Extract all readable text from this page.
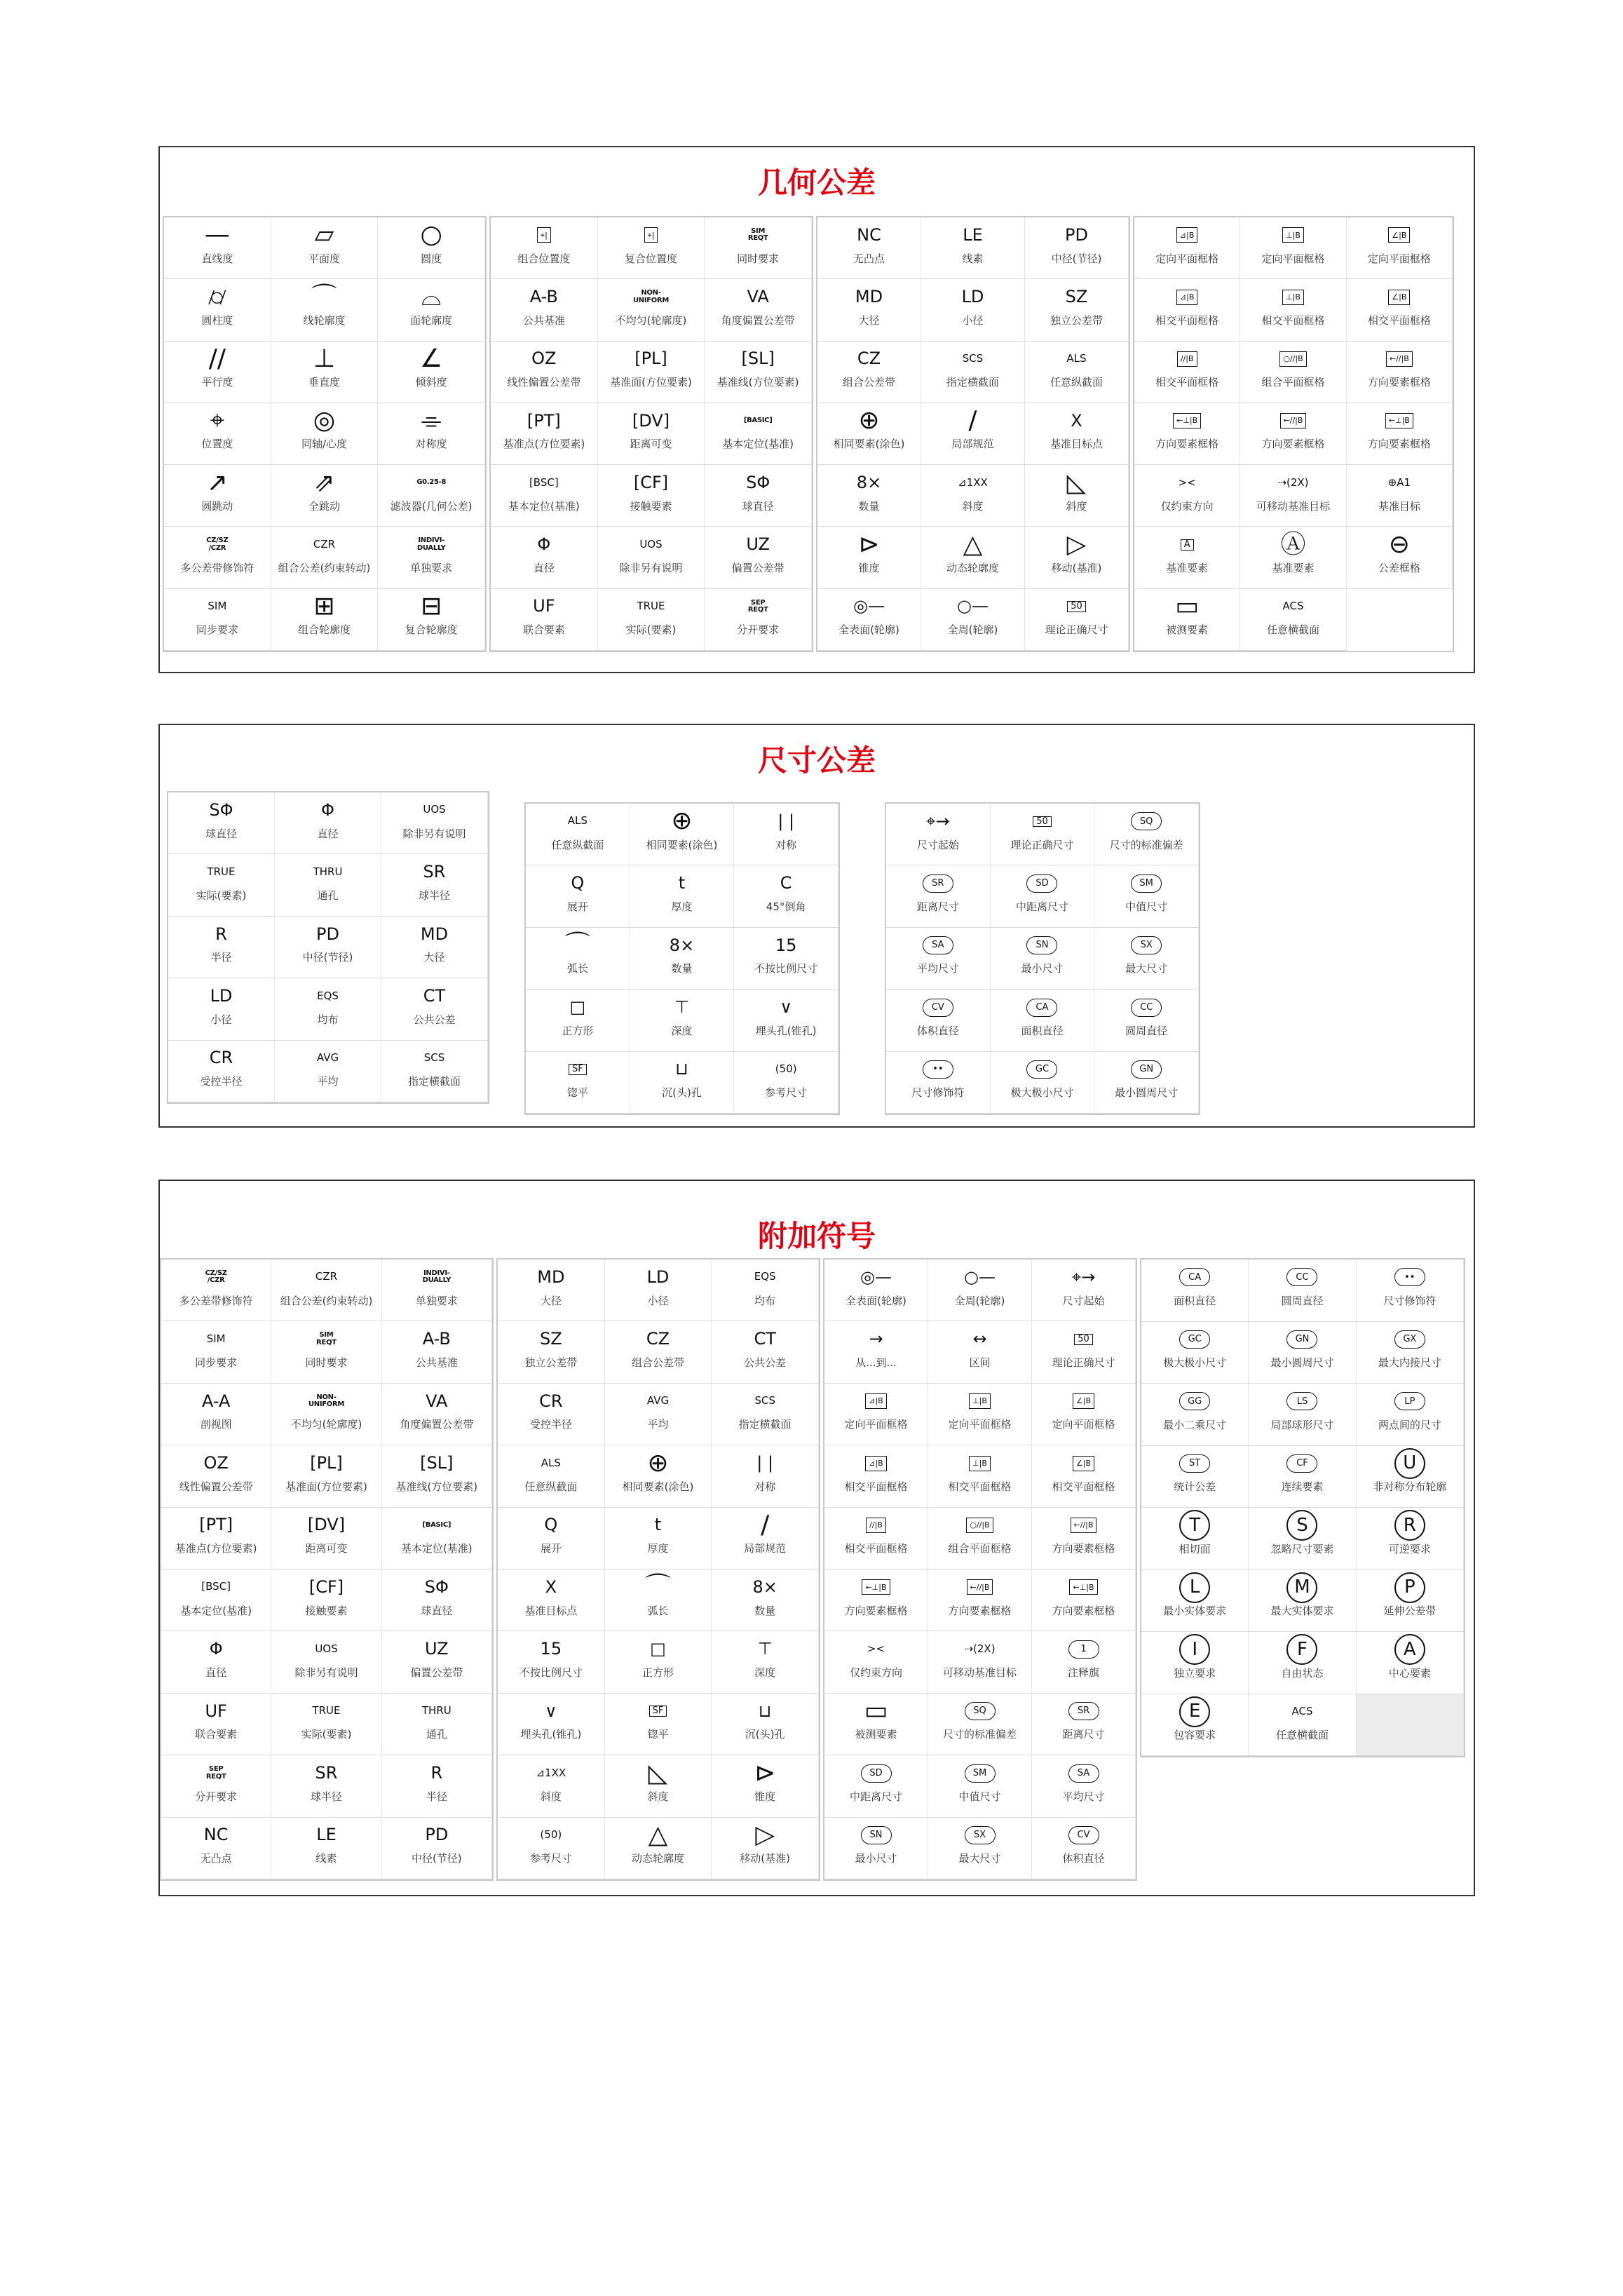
几何公差
—
直线度
▱
平面度
○
圆度
⌭
圆柱度
⌒
线轮廓度
⌓
面轮廓度
//
平行度
⊥
垂直度
∠
倾斜度
⌖
位置度
◎
同轴/心度
⌯
对称度
↗
圆跳动
⇗
全跳动
G0.25-8
滤波器(几何公差)
CZ/SZ
/CZR
多公差带修饰符
CZR
组合公差(约束转动)
INDIVI-
DUALLY
单独要求
SIM
同步要求
⊞
组合轮廓度
⊟
复合轮廓度
⌖|
组合位置度
⌖|
复合位置度
SIM
REQT
同时要求
A-B
公共基准
NON-
UNIFORM
不均匀(轮廓度)
VA
角度偏置公差带
OZ
线性偏置公差带
[PL]
基准面(方位要素)
[SL]
基准线(方位要素)
[PT]
基准点(方位要素)
[DV]
距离可变
[BASIC]
基本定位(基准)
[BSC]
基本定位(基准)
[CF]
接触要素
SΦ
球直径
Φ
直径
UOS
除非另有说明
UZ
偏置公差带
UF
联合要素
TRUE
实际(要素)
SEP
REQT
分开要求
NC
无凸点
LE
线素
PD
中径(节径)
MD
大径
LD
小径
SZ
独立公差带
CZ
组合公差带
SCS
指定横截面
ALS
任意纵截面
⊕
相同要素(涂色)
/
局部规范
X
基准目标点
8×
数量
⊿1XX
斜度
◺
斜度
⊳
锥度
△
动态轮廓度
▷
移动(基准)
◎—
全表面(轮廓)
○—
全周(轮廓)
50
理论正确尺寸
⊿|B
定向平面框格
⊥|B
定向平面框格
∠|B
定向平面框格
⊿|B
相交平面框格
⊥|B
相交平面框格
∠|B
相交平面框格
//|B
相交平面框格
○//|B
组合平面框格
←//|B
方向要素框格
←⊥|B
方向要素框格
←//|B
方向要素框格
←⊥|B
方向要素框格
><
仅约束方向
⇢(2X)
可移动基准目标
⊕A1
基准目标
A
基准要素
Ⓐ
基准要素
⊖
公差框格
▭
被测要素
ACS
任意横截面
尺寸公差
SΦ
球直径
Φ
直径
UOS
除非另有说明
TRUE
实际(要素)
THRU
通孔
SR
球半径
R
半径
PD
中径(节径)
MD
大径
LD
小径
EQS
均布
CT
公共公差
CR
受控半径
AVG
平均
SCS
指定横截面
ALS
任意纵截面
⊕
相同要素(涂色)
| |
对称
Q
展开
t
厚度
C
45°倒角
⌒
弧长
8×
数量
15
不按比例尺寸
□
正方形
⊤
深度
∨
埋头孔(锥孔)
SF
锪平
⊔
沉(头)孔
(50)
参考尺寸
⌖→
尺寸起始
50
理论正确尺寸
SQ
尺寸的标准偏差
SR
距离尺寸
SD
中距离尺寸
SM
中值尺寸
SA
平均尺寸
SN
最小尺寸
SX
最大尺寸
CV
体积直径
CA
面积直径
CC
圆周直径
••
尺寸修饰符
GC
极大极小尺寸
GN
最小圆周尺寸
附加符号
CZ/SZ
/CZR
多公差带修饰符
CZR
组合公差(约束转动)
INDIVI-
DUALLY
单独要求
SIM
同步要求
SIM
REQT
同时要求
A-B
公共基准
A-A
剖视图
NON-
UNIFORM
不均匀(轮廓度)
VA
角度偏置公差带
OZ
线性偏置公差带
[PL]
基准面(方位要素)
[SL]
基准线(方位要素)
[PT]
基准点(方位要素)
[DV]
距离可变
[BASIC]
基本定位(基准)
[BSC]
基本定位(基准)
[CF]
接触要素
SΦ
球直径
Φ
直径
UOS
除非另有说明
UZ
偏置公差带
UF
联合要素
TRUE
实际(要素)
THRU
通孔
SEP
REQT
分开要求
SR
球半径
R
半径
NC
无凸点
LE
线素
PD
中径(节径)
MD
大径
LD
小径
EQS
均布
SZ
独立公差带
CZ
组合公差带
CT
公共公差
CR
受控半径
AVG
平均
SCS
指定横截面
ALS
任意纵截面
⊕
相同要素(涂色)
| |
对称
Q
展开
t
厚度
/
局部规范
X
基准目标点
⌒
弧长
8×
数量
15
不按比例尺寸
□
正方形
⊤
深度
∨
埋头孔(锥孔)
SF
锪平
⊔
沉(头)孔
⊿1XX
斜度
◺
斜度
⊳
锥度
(50)
参考尺寸
△
动态轮廓度
▷
移动(基准)
◎—
全表面(轮廓)
○—
全周(轮廓)
⌖→
尺寸起始
→
从...到...
↔
区间
50
理论正确尺寸
⊿|B
定向平面框格
⊥|B
定向平面框格
∠|B
定向平面框格
⊿|B
相交平面框格
⊥|B
相交平面框格
∠|B
相交平面框格
//|B
相交平面框格
○//|B
组合平面框格
←//|B
方向要素框格
←⊥|B
方向要素框格
←//|B
方向要素框格
←⊥|B
方向要素框格
><
仅约束方向
⇢(2X)
可移动基准目标
1
注释旗
▭
被测要素
SQ
尺寸的标准偏差
SR
距离尺寸
SD
中距离尺寸
SM
中值尺寸
SA
平均尺寸
SN
最小尺寸
SX
最大尺寸
CV
体积直径
CA
面积直径
CC
圆周直径
••
尺寸修饰符
GC
极大极小尺寸
GN
最小圆周尺寸
GX
最大内接尺寸
GG
最小二乘尺寸
LS
局部球形尺寸
LP
两点间的尺寸
ST
统计公差
CF
连续要素
U
非对称分布轮廓
T
相切面
S
忽略尺寸要素
R
可逆要求
L
最小实体要求
M
最大实体要求
P
延伸公差带
I
独立要求
F
自由状态
A
中心要素
E
包容要求
ACS
任意横截面
